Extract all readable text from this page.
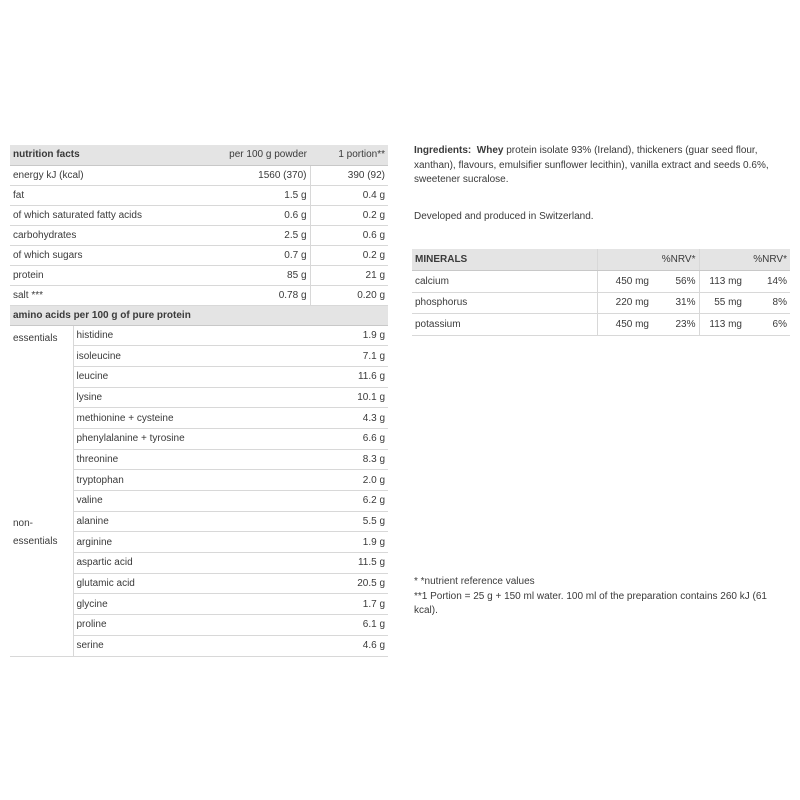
nutrition facts		per 100 g powder	1 portion**
energy kJ (kcal)		1560 (370)	390 (92)
fat		1.5 g	0.4 g
of which saturated fatty acids		0.6 g	0.2 g
carbohydrates		2.5 g	0.6 g
of which sugars		0.7 g	0.2 g
protein		85 g	21 g
salt ***		0.78 g	0.20 g
amino acids per 100 g of pure protein			
essentials	histidine		1.9 g
	isoleucine		7.1 g
	leucine		11.6 g
	lysine		10.1 g
	methionine + cysteine		4.3 g
	phenylalanine + tyrosine		6.6 g
	threonine		8.3 g
	tryptophan		2.0 g
	valine		6.2 g
non-essentials	alanine		5.5 g
	arginine		1.9 g
	aspartic acid		11.5 g
	glutamic acid		20.5 g
	glycine		1.7 g
	proline		6.1 g
	serine		4.6 g
Ingredients: Whey protein isolate 93% (Ireland), thickeners (guar seed flour, xanthan), flavours, emulsifier sunflower lecithin), vanilla extract and seeds 0.6%, sweetener sucralose.
Developed and produced in Switzerland.
MINERALS		%NRV*		%NRV*
calcium	450 mg	56%	113 mg	14%
phosphorus	220 mg	31%	55 mg	8%
potassium	450 mg	23%	113 mg	6%
* *nutrient reference values
**1 Portion = 25 g + 150 ml water. 100 ml of the preparation contains 260 kJ (61 kcal).
